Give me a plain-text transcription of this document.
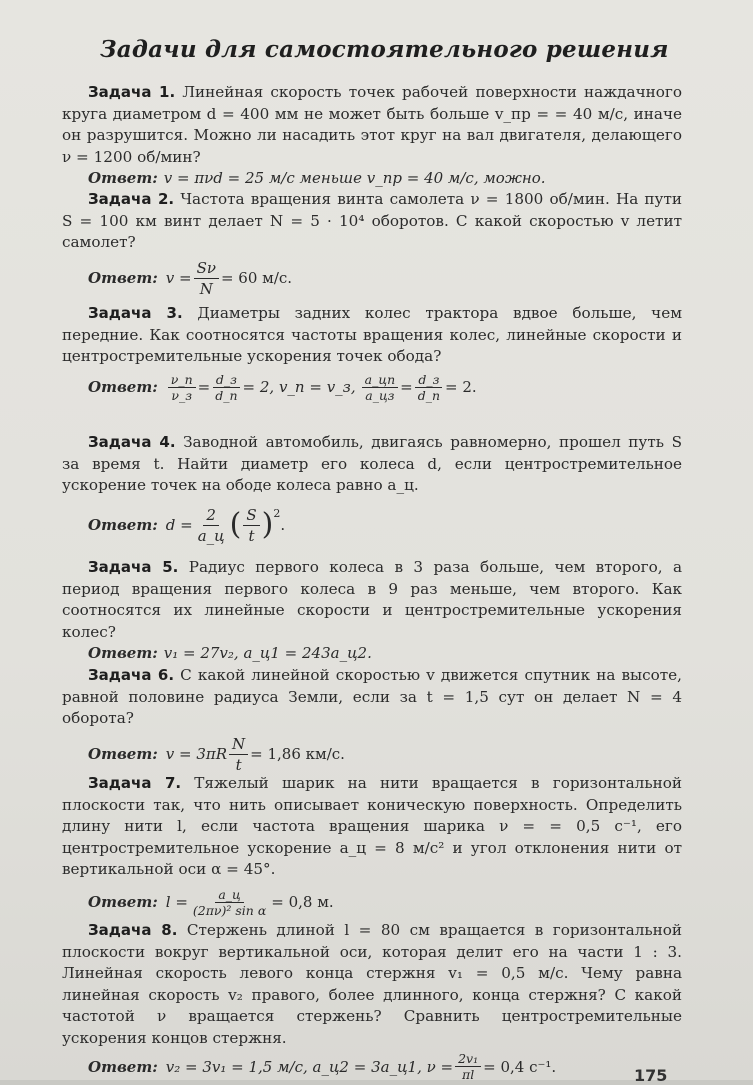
Задачи для самостоятельного решения

Задача 1. Линейная скорость точек рабочей поверхности наждачного круга диаметром d = 400 мм не может быть больше v_пр = = 40 м/с, иначе он разрушится. Можно ли насадить этот круг на вал двигателя, делающего ν = 1200 об/мин?

Ответ: v = πνd = 25 м/с меньше v_пр = 40 м/с, можно.

Задача 2. Частота вращения винта самолета ν = 1800 об/мин. На пути S = 100 км винт делает N = 5 · 10⁴ оборотов. С какой скоростью v летит самолет?

Ответ: $v = \frac{S\nu}{N} = 60$ м/с.

Задача 3. Диаметры задних колес трактора вдвое больше, чем передние. Как соотносятся частоты вращения колес, линейные скорости и центростремительные ускорения точек обода?

Ответ: $\frac{\nu\_п}{\nu\_з} = \frac{d\_з}{d\_п} = 2$, v_п = v_з, $\frac{a\_цп}{a\_цз} = \frac{d\_з}{d\_п} = 2$.

Задача 4. Заводной автомобиль, двигаясь равномерно, прошел путь S за время t. Найти диаметр его колеса d, если центростремительное ускорение точек на ободе колеса равно a_ц.

Ответ: $d = \frac{2}{a\_ц}$ ( $\frac{S}{t} )^2$
.

Задача 5. Радиус первого колеса в 3 раза больше, чем второго, а период вращения первого колеса в 9 раз меньше, чем второго. Как соотносятся их линейные скорости и центростремительные ускорения колес?

Ответ: v₁ = 27v₂, a_ц1 = 243a_ц2.

Задача 6. С какой линейной скоростью v движется спутник на высоте, равной половине радиуса Земли, если за t = 1,5 сут он делает N = 4 оборота?

Ответ: $v = 3\pi R \frac{N}{t} = 1,86$ км/с.

Задача 7. Тяжелый шарик на нити вращается в горизонтальной плоскости так, что нить описывает коническую поверхность. Определить длину нити l, если частота вращения шарика ν = = 0,5 с⁻¹, его центростремительное ускорение a_ц = 8 м/с² и угол отклонения нити от вертикальной оси α = 45°.

Ответ: $l = \frac{a\_ц}{\text{(2πν)² sin α}} = 0,8$ м.

Задача 8. Стержень длиной l = 80 см вращается в горизонтальной плоскости вокруг вертикальной оси, которая делит его на части 1 : 3. Линейная скорость левого конца стержня v₁ = 0,5 м/с. Чему равна линейная скорость v₂ правого, более длинного, конца стержня? С какой частотой ν вращается стержень? Сравнить центростремительные ускорения концов стержня.

Ответ: v₂ = 3v₁ = 1,5 м/с, a_ц2 = 3a_ц1, $\nu = \frac{\text{2v₁}}{\pi l} = 0,4$ с⁻¹.	175
